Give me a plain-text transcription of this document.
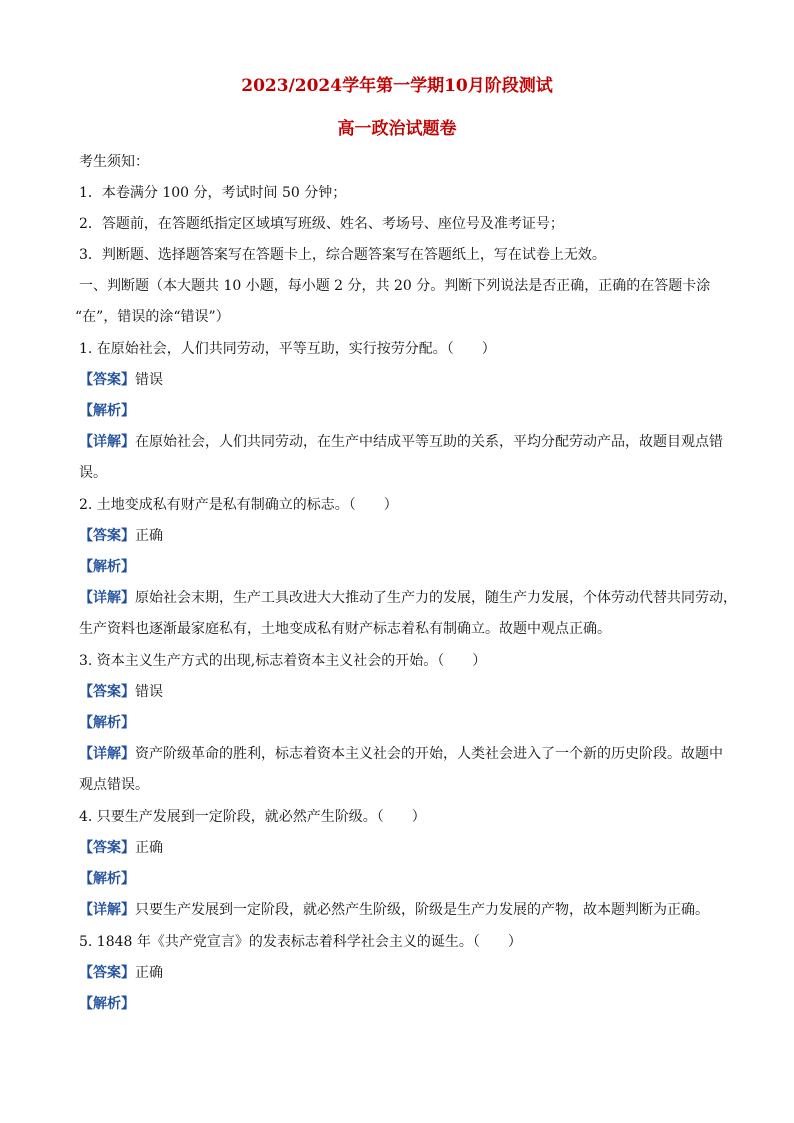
2023/2024学年第一学期10月阶段测试
高一政治试题卷
考生须知：
1．本卷满分 100 分，考试时间 50 分钟；
2．答题前，在答题纸指定区域填写班级、姓名、考场号、座位号及准考证号；
3．判断题、选择题答案写在答题卡上，综合题答案写在答题纸上，写在试卷上无效。
一、判断题（本大题共 10 小题，每小题 2 分，共 20 分。判断下列说法是否正确，正确的在答题卡涂
“在”，错误的涂“错误”）
1. 在原始社会，人们共同劳动，平等互助，实行按劳分配。（　　）
【答案】错误
【解析】
【详解】在原始社会，人们共同劳动，在生产中结成平等互助的关系，平均分配劳动产品，故题目观点错
误。
2. 土地变成私有财产是私有制确立的标志。（　　）
【答案】正确
【解析】
【详解】原始社会末期，生产工具改进大大推动了生产力的发展，随生产力发展，个体劳动代替共同劳动，
生产资料也逐渐最家庭私有，土地变成私有财产标志着私有制确立。故题中观点正确。
3. 资本主义生产方式的出现,标志着资本主义社会的开始。（　　）
【答案】错误
【解析】
【详解】资产阶级革命的胜利，标志着资本主义社会的开始，人类社会进入了一个新的历史阶段。故题中
观点错误。
4. 只要生产发展到一定阶段，就必然产生阶级。（　　）
【答案】正确
【解析】
【详解】只要生产发展到一定阶段，就必然产生阶级，阶级是生产力发展的产物，故本题判断为正确。
5. 1848 年《共产党宣言》的发表标志着科学社会主义的诞生。（　　）
【答案】正确
【解析】
